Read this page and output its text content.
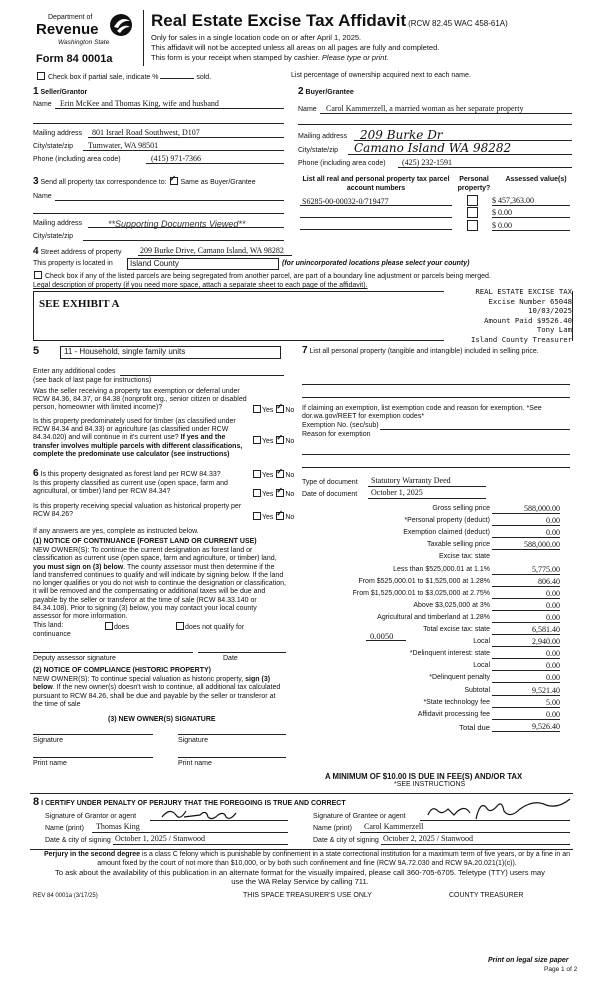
Department of
Revenue
Washington State
Form 84 0001a
Real Estate Excise Tax Affidavit (RCW 82.45 WAC 458-61A)
Only for sales in a single location code on or after April 1, 2025.
This affidavit will not be accepted unless all areas on all pages are fully and completed.
This form is your receipt when stamped by cashier. Please type or print.
Check box if partial sale, indicate %	sold.	List percentage of ownership acquired next to each name.
1 Seller/Grantor
Name Erin McKee and Thomas King, wife and husband
Mailing address 801 Israel Road Southwest, D107
City/state/zip Tumwater, WA 98501
Phone (including area code)	(415) 971-7366
2 Buyer/Grantee
Name Carol Kammerzell, a married woman as her separate property
Mailing address 209 Burke Dr
City/state/zip Camano Island WA 98282
Phone (including area code) (425) 232-1591
3 Send all property tax correspondence to: ✓ Same as Buyer/Grantee
Name
Mailing address	**Supporting Documents Viewed**
City/state/zip
List all real and personal property tax parcel account numbers
Personal property?
Assessed value(s)
S6285-00-00032-0/719477	$ 457,363.00
$ 0.00
$ 0.00
4 Street address of property 209 Burke Drive, Camano Island, WA 98282
This property is located in Island County	(for unincorporated locations please select your county)
Check box if any of the listed parcels are being segregated from another parcel, are part of a boundary line adjustment or parcels being merged.
Legal description of property (if you need more space, attach a separate sheet to each page of the affidavit).
SEE EXHIBIT A
REAL ESTATE EXCISE TAX
Excise Number 65048
10/03/2025
Amount Paid $9526.40
Tony Lam
Island County Treasurer
5	11 - Household, single family units
Enter any additional codes
(see back of last page for instructions)
Was the seller receiving a property tax exemption or deferral under RCW 84.36, 84.37, or 84.38 (nonprofit org., senior citizen or disabled person, homeowner with limited income)?	Yes ✓ No
Is this property predominately used for timber (as classified under RCW 84.34 and 84.33) or agriculture (as classified under RCW 84.34.020) and will continue in it's current use? If yes and the transfer involves multiple parcels with different classifications, complete the predominate use calculator (see instructions)
Yes ✓ No
6 Is this property designated as forest land per RCW 84.33?	Yes ✓ No
Is this property classified as current use (open space, farm and agricultural, or timber) land per RCW 84.34?	Yes ✓ No
Is this property receiving special valuation as historical property per RCW 84.26?	Yes ✓ No
If any answers are yes, complete as instructed below.
(1) NOTICE OF CONTINUANCE (FOREST LAND OR CURRENT USE)
NEW OWNER(S): To continue the current designation as forest land or classification as current use (open space, farm and agriculture, or timber) land, you must sign on (3) below. The county assessor must then determine if the land transferred continues to qualify and will indicate by signing below. If the land no longer qualifies or you do not wish to continue the designation or classification, it will be removed and the compensating or additional taxes will be due and payable by the seller or transferor at the time of sale (RCW 84.33.140 or 84.34.108). Prior to signing (3) below, you may contact your local county assessor for more information.
This land:	does	does not qualify for
continuance
Deputy assessor signature	Date
(2) NOTICE OF COMPLIANCE (HISTORIC PROPERTY)
NEW OWNER(S): To continue special valuation as historic property, sign (3) below. If the new owner(s) doesn't wish to continue, all additional tax calculated pursuant to RCW 84.26, shall be due and payable by the seller or transferor at the time of sale
(3) NEW OWNER(S) SIGNATURE
Signature	Signature
Print name	Print name
7 List all personal property (tangible and intangible) included in selling price.
If claiming an exemption, list exemption code and reason for exemption. *See dor.wa.gov/REET for exemption codes*
Exemption No. (sec/sub)
Reason for exemption
Type of document Statutory Warranty Deed
Date of document October 1, 2025
Gross selling price	588,000.00
*Personal property (deduct)	0.00
Exemption claimed (deduct)	0.00
Taxable selling price	588,000.00
Excise tax: state
Less than $525,000.01 at 1.1%	5,775.00
From $525,000.01 to $1,525,000 at 1.28%	806.40
From $1,525,000.01 to $3,025,000 at 2.75%	0.00
Above $3,025,000 at 3%	0.00
Agricultural and timberland at 1.28%	0.00
Total excise tax: state	6,581.40
Local	2,940.00
*Delinquent interest: state	0.00
Local	0.00
*Delinquent penalty	0.00
Subtotal	9,521.40
*State technology fee	5.00
Affidavit processing fee	0.00
Total due	9,526.40
0.0050
A MINIMUM OF $10.00 IS DUE IN FEE(S) AND/OR TAX
*SEE INSTRUCTIONS
8 I CERTIFY UNDER PENALTY OF PERJURY THAT THE FOREGOING IS TRUE AND CORRECT
Signature of Grantor or agent	Signature of Grantee or agent
Name (print) Thomas King	Name (print) Carol Kammerzell
Date & city of signing October 1, 2025 / Stanwood	Date & city of signing October 2, 2025 / Stanwood
Perjury in the second degree is a class C felony which is punishable by confinement in a state correctional institution for a maximum term of five years, or by a fine in an amount fixed by the court of not more than $10,000, or by both such confinement and fine (RCW 9A.72.030 and RCW 9A.20.021(1)(c)).
To ask about the availability of this publication in an alternate format for the visually impaired, please call 360-705-6705. Teletype (TTY) users may use the WA Relay Service by calling 711.
REV 84 0001a (3/17/25)	THIS SPACE TREASURER'S USE ONLY	COUNTY TREASURER
Print on legal size paper
Page 1 of 2
